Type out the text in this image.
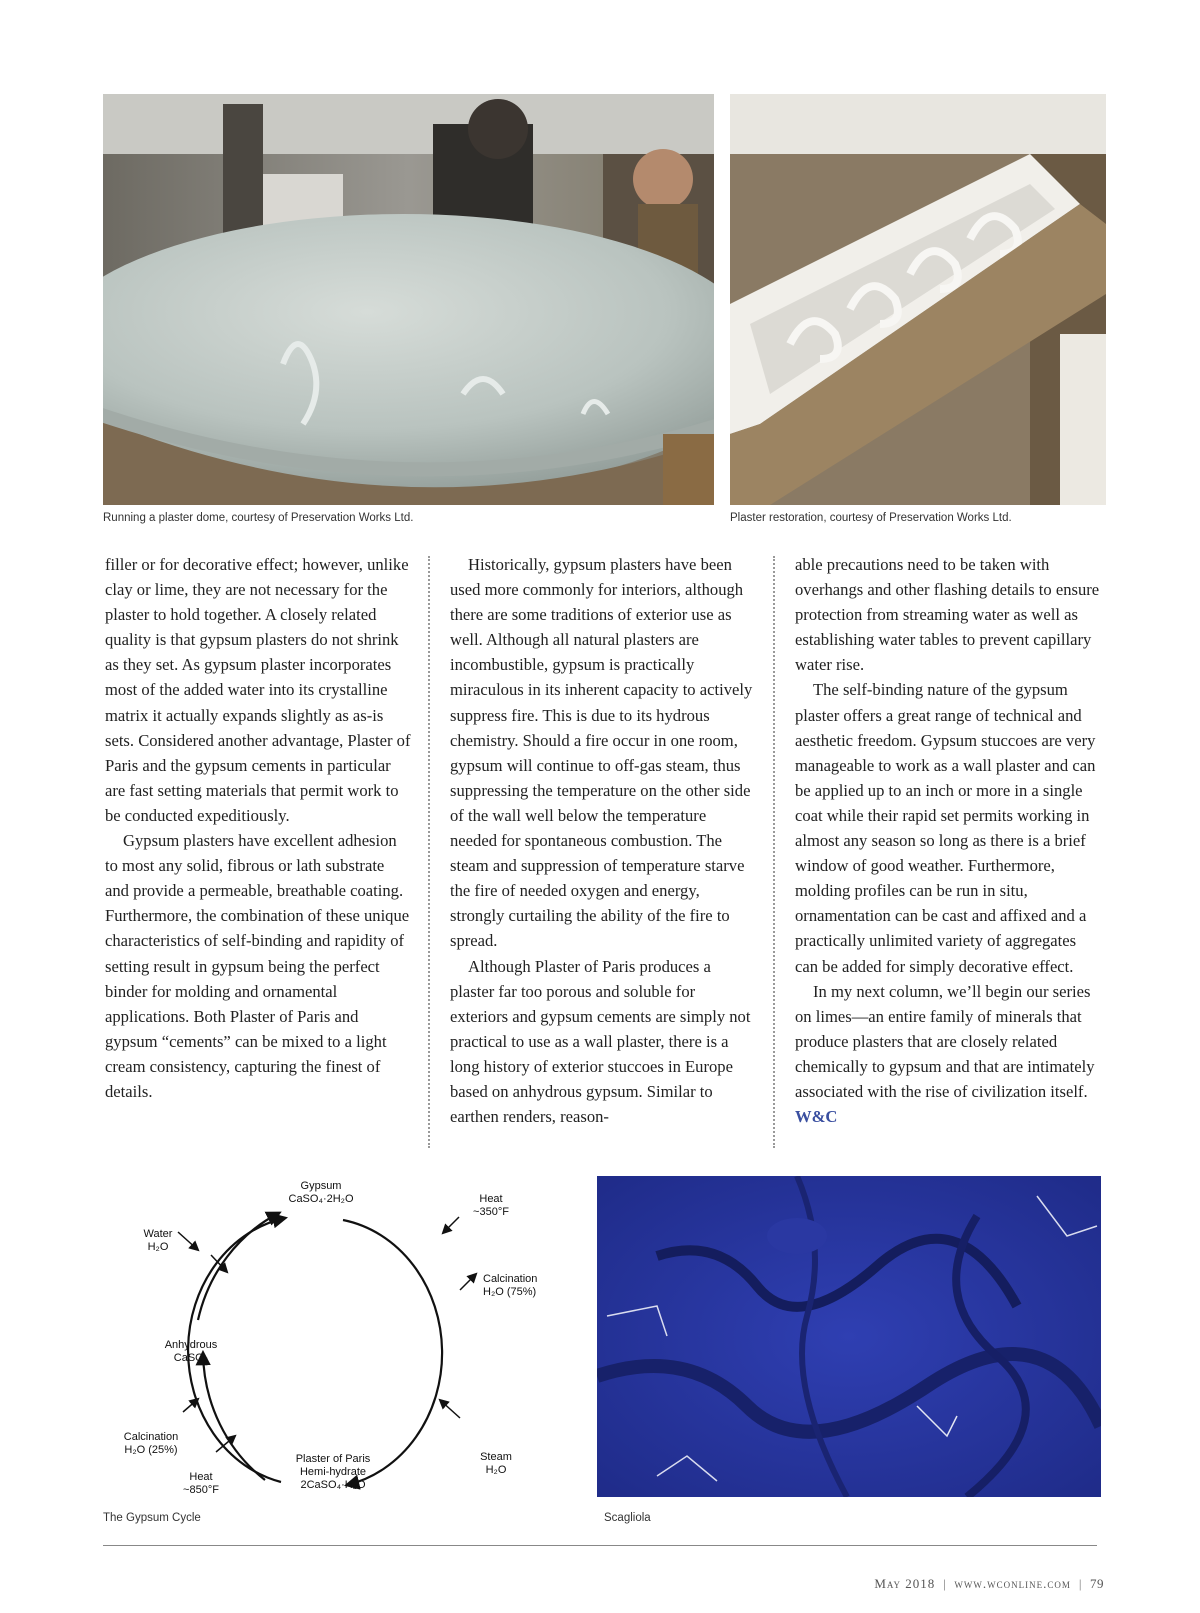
Running a plaster dome, courtesy of Preservation Works Ltd.	Plaster restoration, courtesy of Preservation Works Ltd.

filler or for decorative effect; however, unlike clay or lime, they are not necessary for the plaster to hold together. A closely related quality is that gypsum plasters do not shrink as they set. As gypsum plaster incorporates most of the added water into its crystalline matrix it actually expands slightly as as-is sets. Considered another advantage, Plaster of Paris and the gypsum cements in particular are fast setting materials that permit work to be conducted expeditiously.

Gypsum plasters have excellent adhesion to most any solid, fibrous or lath substrate and provide a permeable, breathable coating. Furthermore, the combination of these unique characteristics of self-binding and rapidity of setting result in gypsum being the perfect binder for molding and ornamental applications. Both Plaster of Paris and gypsum “cements” can be mixed to a light cream consistency, capturing the finest of details.

Historically, gypsum plasters have been used more commonly for interiors, although there are some traditions of exterior use as well. Although all natural plasters are incombustible, gypsum is practically miraculous in its inherent capacity to actively suppress fire. This is due to its hydrous chemistry. Should a fire occur in one room, gypsum will continue to off-gas steam, thus suppressing the temperature on the other side of the wall well below the temperature needed for spontaneous combustion. The steam and suppression of temperature starve the fire of needed oxygen and energy, strongly curtailing the ability of the fire to spread.

Although Plaster of Paris produces a plaster far too porous and soluble for exteriors and gypsum cements are simply not practical to use as a wall plaster, there is a long history of exterior stuccoes in Europe based on anhydrous gypsum. Similar to earthen renders, reason-

able precautions need to be taken with overhangs and other flashing details to ensure protection from streaming water as well as establishing water tables to prevent capillary water rise.

The self-binding nature of the gypsum plaster offers a great range of technical and aesthetic freedom. Gypsum stuccoes are very manageable to work as a wall plaster and can be applied up to an inch or more in a single coat while their rapid set permits working in almost any season so long as there is a brief window of good weather. Furthermore, molding profiles can be run in situ, ornamentation can be cast and affixed and a practically unlimited variety of aggregates can be added for simply decorative effect.

In my next column, we’ll begin our series on limes—an entire family of minerals that produce plasters that are closely related chemically to gypsum and that are intimately associated with the rise of civilization itself. W&C

Gypsum
CaSO₄·2H₂O	Heat
~350°F
Calcination
H₂O (75%)
Water
H₂O
Anhydrous
CaSO₄
Calcination
H₂O (25%)
Heat
~850°F
Plaster of Paris
Hemi-hydrate
2CaSO₄·H₂O
Steam
H₂O
The Gypsum Cycle	Scagliola
May 2018 | www.wconline.com | 79
